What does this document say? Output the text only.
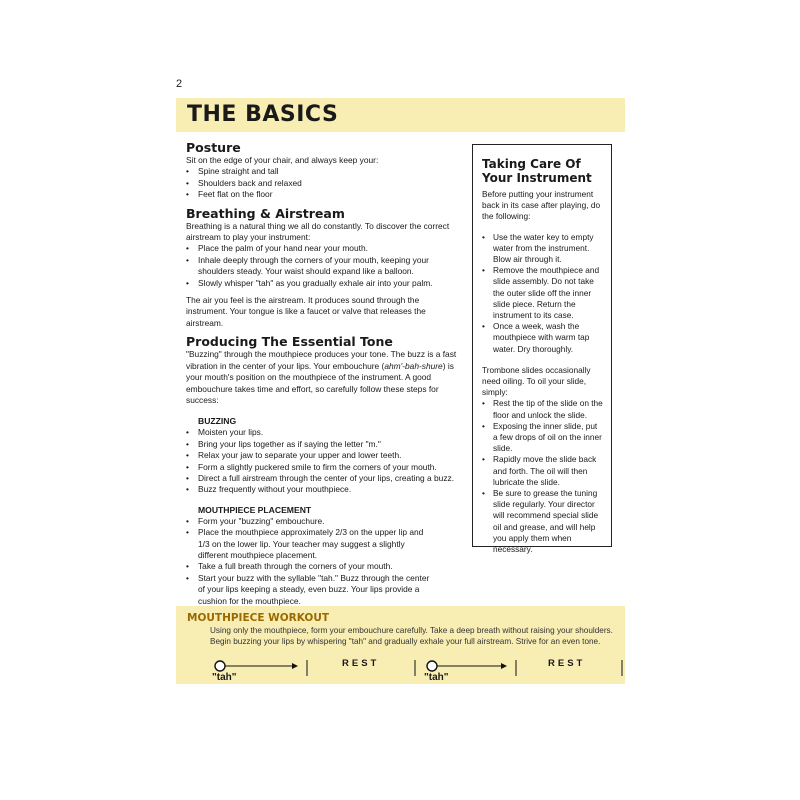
2
THE BASICS
Posture

Sit on the edge of your chair, and always keep your:

• Spine straight and tall
• Shoulders back and relaxed
• Feet flat on the floor
Breathing & Airstream

Breathing is a natural thing we all do constantly. To discover the correct airstream to play your instrument:

• Place the palm of your hand near your mouth.
• Inhale deeply through the corners of your mouth, keeping your shoulders steady. Your waist should expand like a balloon.
• Slowly whisper "tah" as you gradually exhale air into your palm.

The air you feel is the airstream. It produces sound through the instrument. Your tongue is like a faucet or valve that releases the airstream.

Producing The Essential Tone

"Buzzing" through the mouthpiece produces your tone. The buzz is a fast vibration in the center of your lips. Your embouchure (ahm'-bah-shure) is your mouth's position on the mouthpiece of the instrument. A good embouchure takes time and effort, so carefully follow these steps for success:

BUZZING
• Moisten your lips.
• Bring your lips together as if saying the letter "m."
• Relax your jaw to separate your upper and lower teeth.
• Form a slightly puckered smile to firm the corners of your mouth.
• Direct a full airstream through the center of your lips, creating a buzz.
• Buzz frequently without your mouthpiece.
MOUTHPIECE PLACEMENT
• Form your "buzzing" embouchure.
• Place the mouthpiece approximately 2/3 on the upper lip and 1/3 on the lower lip. Your teacher may suggest a slightly different mouthpiece placement.
• Take a full breath through the corners of your mouth.
• Start your buzz with the syllable "tah." Buzz through the center of your lips keeping a steady, even buzz. Your lips provide a cushion for the mouthpiece.
Taking Care Of Your Instrument

Before putting your instrument back in its case after playing, do the following:

• Use the water key to empty water from the instrument. Blow air through it.
• Remove the mouthpiece and slide assembly. Do not take the outer slide off the inner slide piece. Return the instrument to its case.
• Once a week, wash the mouthpiece with warm tap water. Dry thoroughly.

Trombone slides occasionally need oiling. To oil your slide, simply:

• Rest the tip of the slide on the floor and unlock the slide.
• Exposing the inner slide, put a few drops of oil on the inner slide.
• Rapidly move the slide back and forth. The oil will then lubricate the slide.
• Be sure to grease the tuning slide regularly. Your director will recommend special slide oil and grease, and will help you apply them when necessary.
MOUTHPIECE WORKOUT

Using only the mouthpiece, form your embouchure carefully. Take a deep breath without raising your shoulders. Begin buzzing your lips by whispering "tah" and gradually exhale your full airstream. Strive for an even tone.

"tah"
REST
"tah"
REST
